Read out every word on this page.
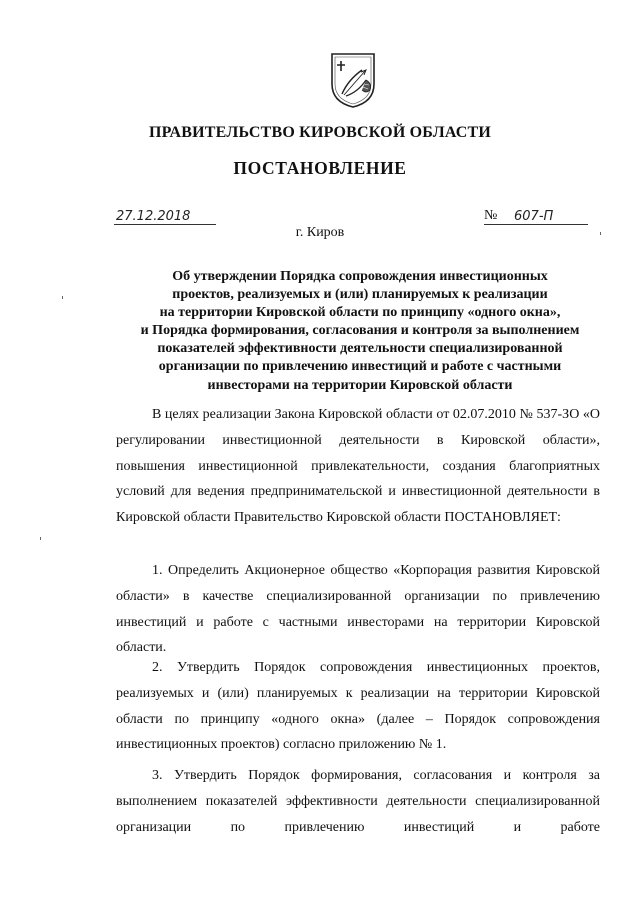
ПРАВИТЕЛЬСТВО КИРОВСКОЙ ОБЛАСТИ
ПОСТАНОВЛЕНИЕ
27.12.2018	№ 607-П
г. Киров
Об утверждении Порядка сопровождения инвестиционных
проектов, реализуемых и (или) планируемых к реализации
на территории Кировской области по принципу «одного окна»,
и Порядка формирования, согласования и контроля за выполнением
показателей эффективности деятельности специализированной
организации по привлечению инвестиций и работе с частными
инвесторами на территории Кировской области

В целях реализации Закона Кировской области от 02.07.2010 № 537-ЗО «О регулировании инвестиционной деятельности в Кировской области», повышения инвестиционной привлекательности, создания благоприятных условий для ведения предпринимательской и инвестиционной деятельности в Кировской области Правительство Кировской области ПОСТАНОВЛЯЕТ:

1. Определить Акционерное общество «Корпорация развития Кировской области» в качестве специализированной организации по привлечению инвестиций и работе с частными инвесторами на территории Кировской области.

2. Утвердить Порядок сопровождения инвестиционных проектов, реализуемых и (или) планируемых к реализации на территории Кировской области по принципу «одного окна» (далее – Порядок сопровождения инвестиционных проектов) согласно приложению № 1.

3. Утвердить Порядок формирования, согласования и контроля за выполнением показателей эффективности деятельности специализированной организации по привлечению инвестиций и работе
